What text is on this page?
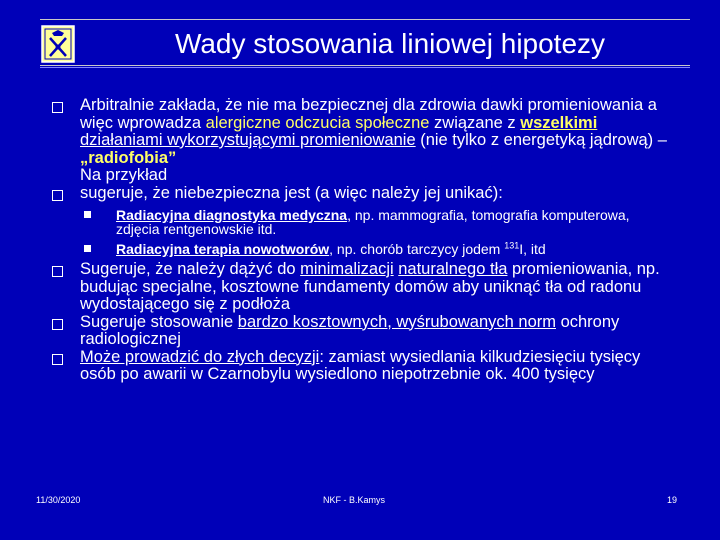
Wady stosowania liniowej hipotezy
Arbitralnie zakłada, że nie ma bezpiecznej dla zdrowia dawki promieniowania a więc wprowadza alergiczne odczucia społeczne związane z wszelkimi działaniami wykorzystującymi promieniowanie (nie tylko z energetyką jądrową) – „radiofobia”
Na przykład
sugeruje, że niebezpieczna jest (a więc należy jej unikać):
Radiacyjna diagnostyka medyczna, np. mammografia, tomografia komputerowa, zdjęcia rentgenowskie itd.
Radiacyjna terapia nowotworów, np. chorób tarczycy jodem $^{131}$I, itd
Sugeruje, że należy dążyć do minimalizacji naturalnego tła promieniowania, np. budując specjalne, kosztowne fundamenty domów aby uniknąć tła od radonu wydostającego się z podłoża
Sugeruje stosowanie bardzo kosztownych, wyśrubowanych norm ochrony radiologicznej
Może prowadzić do złych decyzji: zamiast wysiedlania kilkudziesięciu tysięcy osób po awarii w Czarnobylu wysiedlono niepotrzebnie ok. 400 tysięcy
11/30/2020	NKF - B.Kamys	19
